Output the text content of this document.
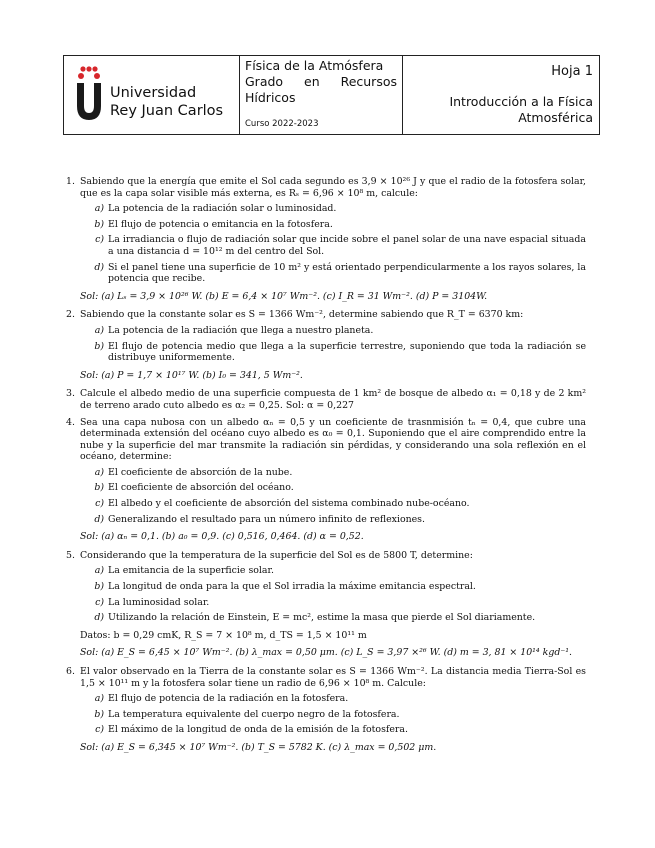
Universidad
Rey Juan Carlos
Física de la Atmósfera
Grado en Recursos
Hídricos
Curso 2022-2023
Hoja 1
Introducción a la Física
Atmosférica
1. Sabiendo que la energía que emite el Sol cada segundo es 3,9 × 10²⁶ J y que el radio de la fotosfera solar, que es la capa solar visible más externa, es Rₛ = 6,96 × 10⁸ m, calcule:
a) La potencia de la radiación solar o luminosidad.
b) El flujo de potencia o emitancia en la fotosfera.
c) La irradiancia o flujo de radiación solar que incide sobre el panel solar de una nave espacial situada a una distancia d = 10¹² m del centro del Sol.
d) Si el panel tiene una superficie de 10 m² y está orientado perpendicularmente a los rayos solares, la potencia que recibe.
Sol: (a) Lₛ = 3,9 × 10²⁶ W. (b) E = 6,4 × 10⁷ Wm⁻². (c) I_R = 31 Wm⁻². (d) P = 3104W.
2. Sabiendo que la constante solar es S = 1366 Wm⁻², determine sabiendo que R_T = 6370 km:
a) La potencia de la radiación que llega a nuestro planeta.
b) El flujo de potencia medio que llega a la superficie terrestre, suponiendo que toda la radiación se distribuye uniformemente.
Sol: (a) P = 1,7 × 10¹⁷ W. (b) I₀ = 341, 5 Wm⁻².
3. Calcule el albedo medio de una superficie compuesta de 1 km² de bosque de albedo α₁ = 0,18 y de 2 km² de terreno arado cuto albedo es α₂ = 0,25. Sol: α = 0,227
4. Sea una capa nubosa con un albedo αₙ = 0,5 y un coeficiente de trasnmisión tₙ = 0,4, que cubre una determinada extensión del océano cuyo albedo es α₀ = 0,1. Suponiendo que el aire comprendido entre la nube y la superficie del mar transmite la radiación sin pérdidas, y considerando una sola reflexión en el océano, determine:
a) El coeficiente de absorción de la nube.
b) El coeficiente de absorción del océano.
c) El albedo y el coeficiente de absorción del sistema combinado nube-océano.
d) Generalizando el resultado para un número infinito de reflexiones.
Sol: (a) αₙ = 0,1. (b) a₀ = 0,9. (c) 0,516, 0,464. (d) α = 0,52.
5. Considerando que la temperatura de la superficie del Sol es de 5800 T, determine:
a) La emitancia de la superficie solar.
b) La longitud de onda para la que el Sol irradia la máxime emitancia espectral.
c) La luminosidad solar.
d) Utilizando la relación de Einstein, E = mc², estime la masa que pierde el Sol diariamente.
Datos: b = 0,29 cmK, R_S = 7 × 10⁸ m, d_TS = 1,5 × 10¹¹ m
Sol: (a) E_S = 6,45 × 10⁷ Wm⁻². (b) λ_max = 0,50 μm. (c) L_S = 3,97 ×²⁶ W. (d) m = 3, 81 × 10¹⁴ kgd⁻¹.
6. El valor observado en la Tierra de la constante solar es S = 1366 Wm⁻². La distancia media Tierra-Sol es 1,5 × 10¹¹ m y la fotosfera solar tiene un radio de 6,96 × 10⁸ m. Calcule:
a) El flujo de potencia de la radiación en la fotosfera.
b) La temperatura equivalente del cuerpo negro de la fotosfera.
c) El máximo de la longitud de onda de la emisión de la fotosfera.
Sol: (a) E_S = 6,345 × 10⁷ Wm⁻². (b) T_S = 5782 K. (c) λ_max = 0,502 μm.
